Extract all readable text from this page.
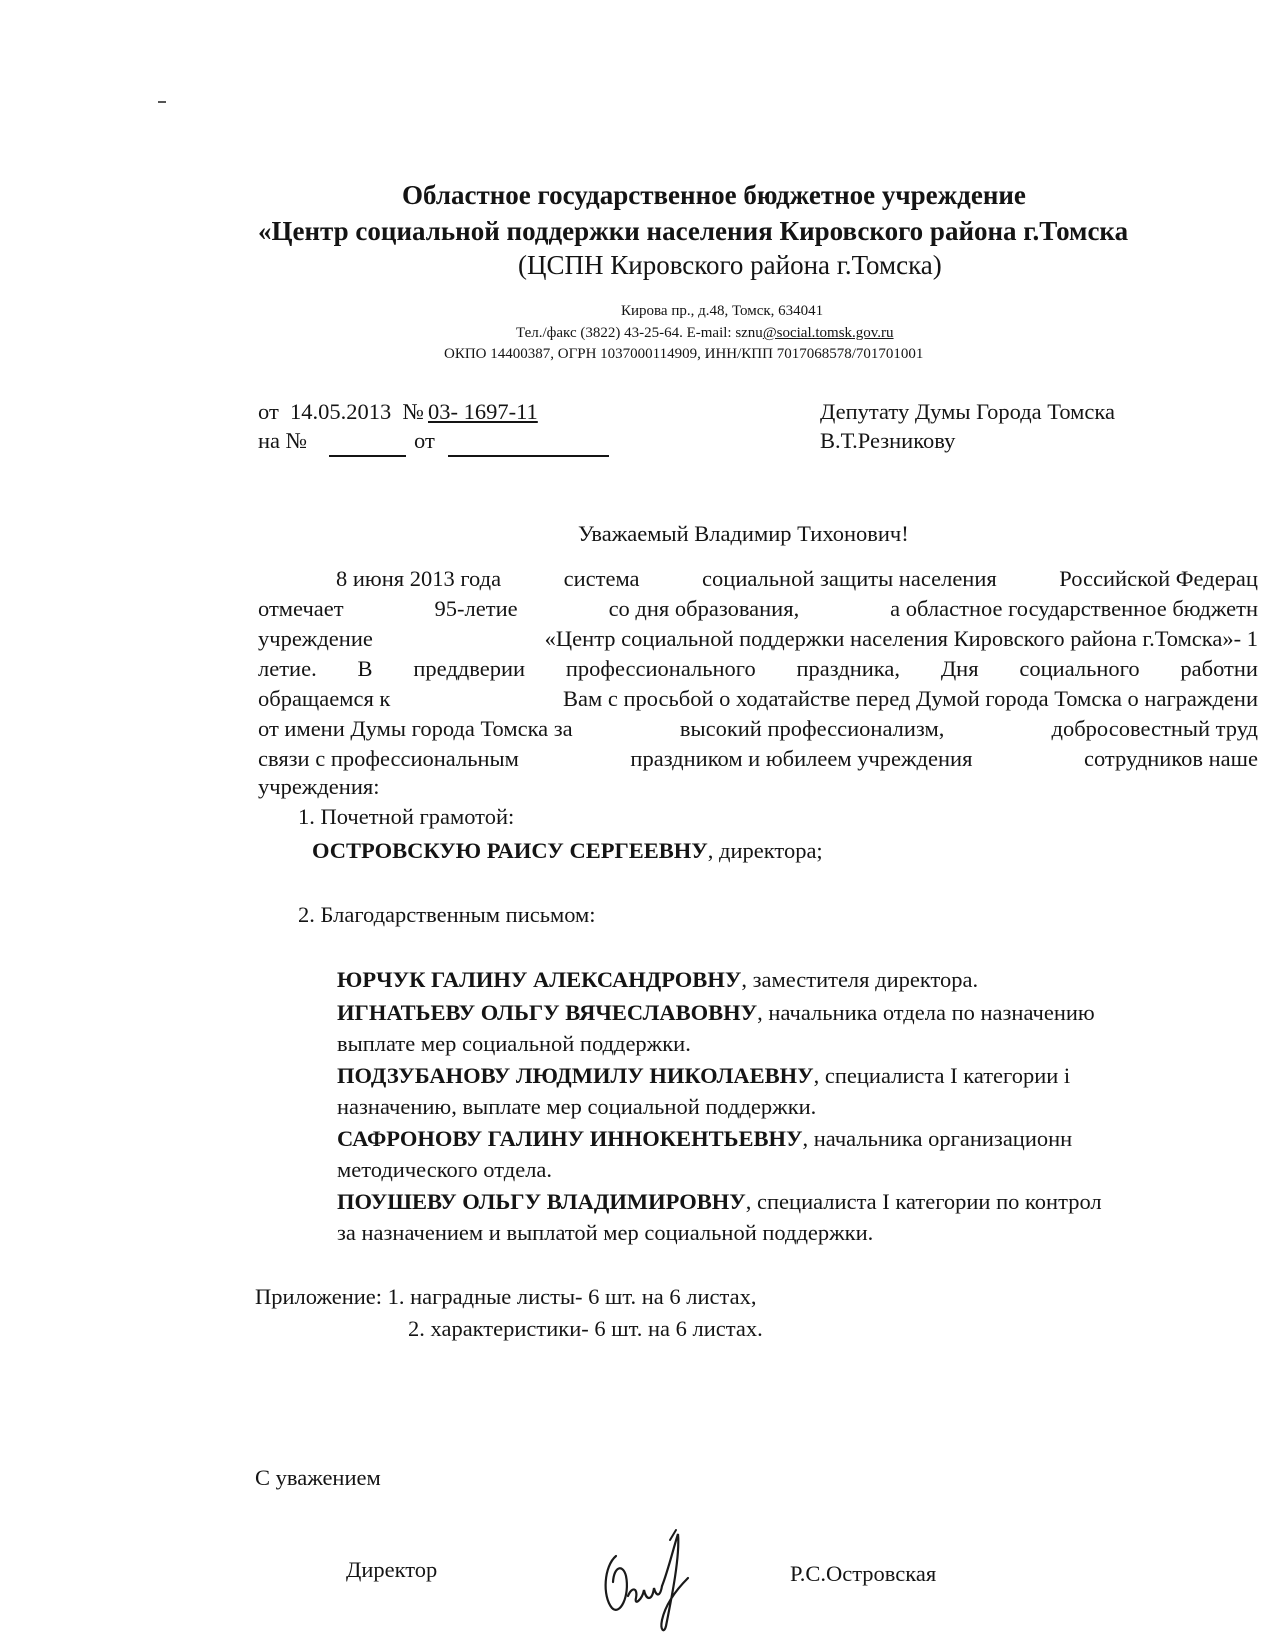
Областное государственное бюджетное учреждение
«Центр социальной поддержки населения Кировского района г.Томска
(ЦСПН Кировского района г.Томска)
Кирова пр., д.48, Томск, 634041
Тел./факс (3822) 43-25-64. E-mail: sznu@social.tomsk.gov.ru
ОКПО 14400387, ОГРН 1037000114909, ИНН/КПП 7017068578/701701001
от 14.05.2013 № 03- 1697-11
на №	от
Депутату Думы Города Томска
В.Т.Резникову
Уважаемый Владимир Тихонович!
8 июня 2013 года	система	социальной защиты населения	Российской Федерац
отмечает	95-летие	со дня образования,	а областное государственное бюджетн
учреждение	«Центр социальной поддержки населения Кировского района г.Томска»- 1
летие. В преддверии профессионального праздника, Дня социального работни
обращаемся к	Вам с просьбой о ходатайстве перед Думой города Томска о награждени
от имени Думы города Томска за	высокий профессионализм,	добросовестный труд
связи с профессиональным	праздником и юбилеем учреждения	сотрудников наше
учреждения:
1. Почетной грамотой:
ОСТРОВСКУЮ РАИСУ СЕРГЕЕВНУ, директора;
2. Благодарственным письмом:
ЮРЧУК ГАЛИНУ АЛЕКСАНДРОВНУ, заместителя директора.
ИГНАТЬЕВУ ОЛЬГУ ВЯЧЕСЛАВОВНУ, начальника отдела по назначению
выплате мер социальной поддержки.
ПОДЗУБАНОВУ ЛЮДМИЛУ НИКОЛАЕВНУ, специалиста I категории і
назначению, выплате мер социальной поддержки.
САФРОНОВУ ГАЛИНУ ИННОКЕНТЬЕВНУ, начальника организационн
методического отдела.
ПОУШЕВУ ОЛЬГУ ВЛАДИМИРОВНУ, специалиста I категории по контрол
за назначением и выплатой мер социальной поддержки.
Приложение: 1. наградные листы- 6 шт. на 6 листах,
2. характеристики- 6 шт. на 6 листах.
С уважением
Директор	Р.С.Островская
